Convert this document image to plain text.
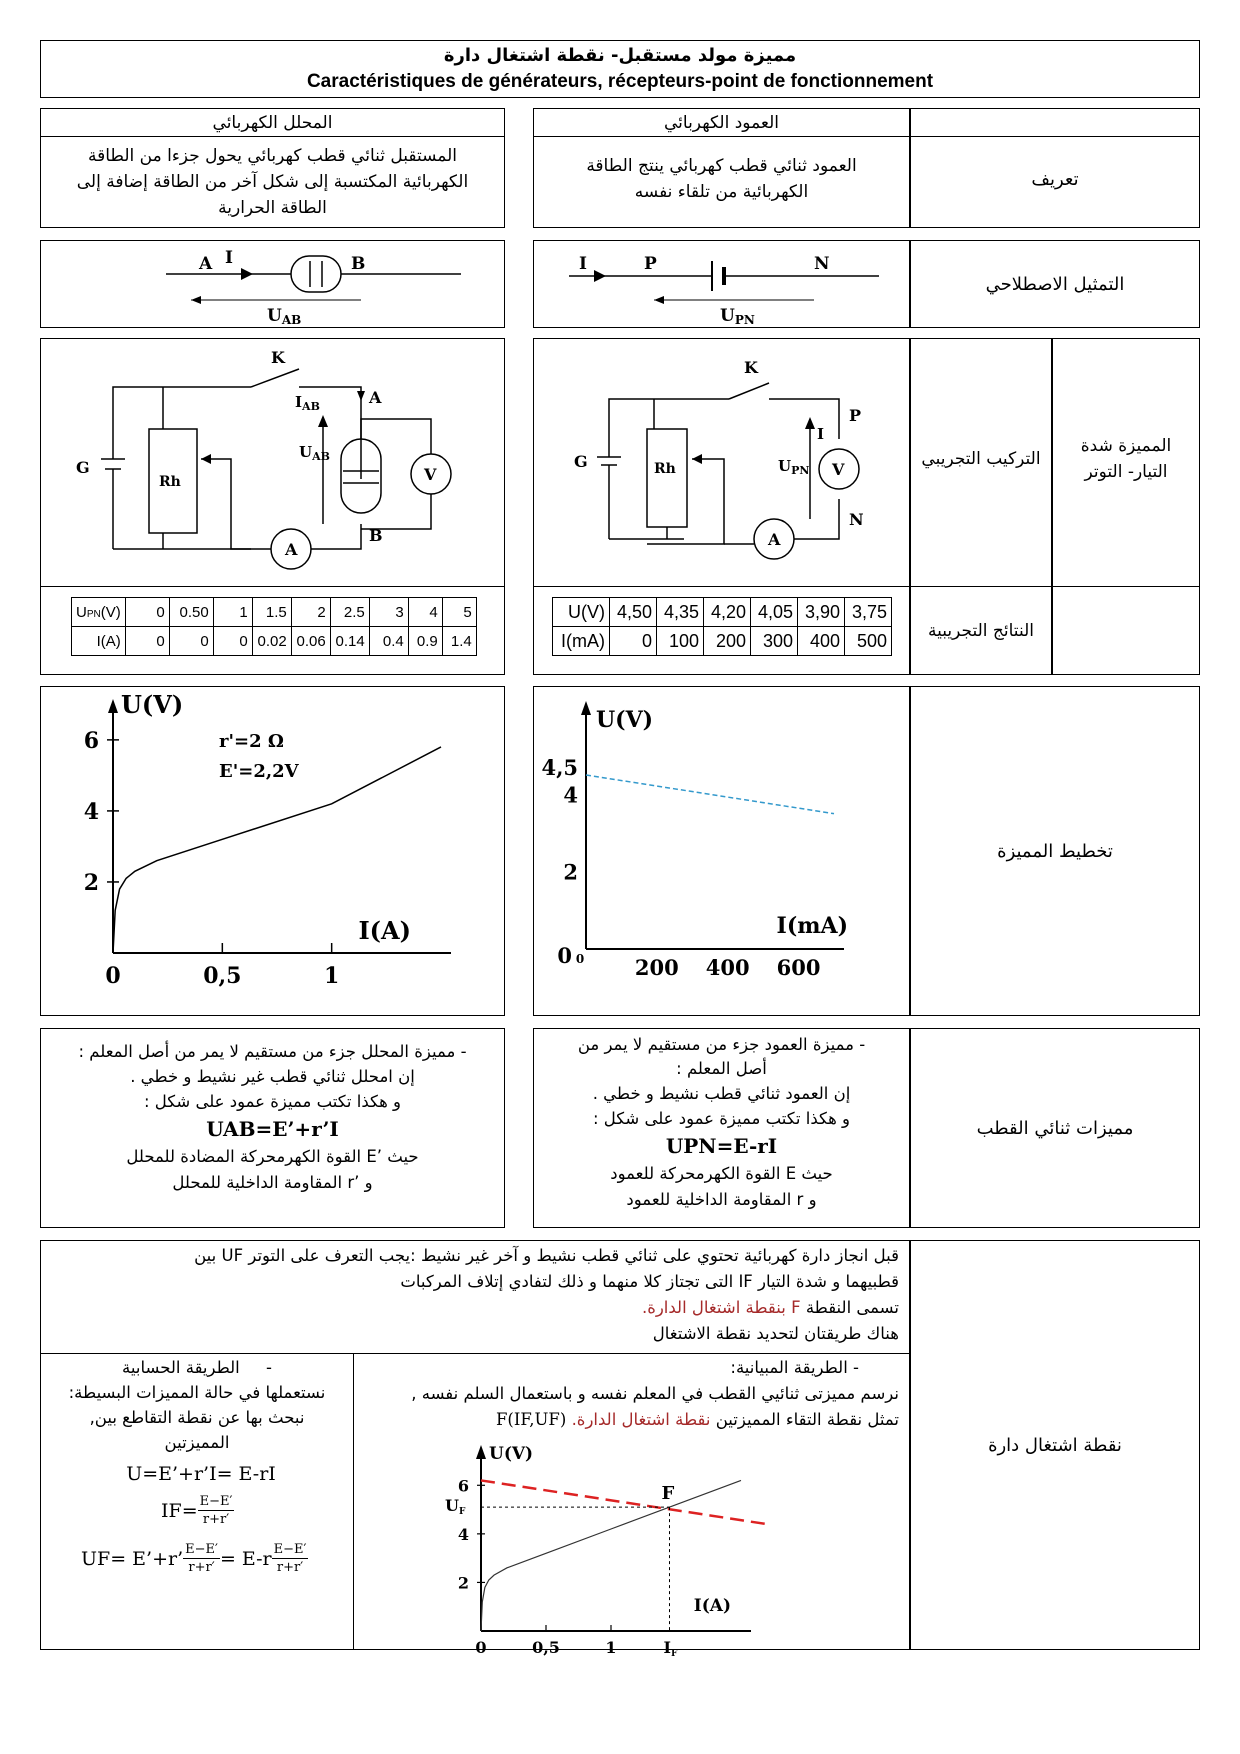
مميزة مولد مستقبل- نقطة اشتغال دارة
Caractéristiques de générateurs, récepteurs-point de fonctionnement
المحلل الكهربائي
المستقبل ثنائي قطب كهربائي يحول جزءا من الطاقة الكهربائية المكتسبة إلى شكل آخر من الطاقة إضافة إلى الطاقة الحرارية
العمود الكهربائي
العمود ثنائي قطب كهربائي ينتج الطاقة الكهربائية من تلقاء نفسه
تعريف
A I	B
UAB
I	P	N
UPN
التمثيل الاصطلاحي
K
G
Rh
$I_{AB}$
$U_{AB}$
A
B
V
A
UPN(V)	0	0.50	1	1.5	2	2.5	3	4	5
I(A)	0	0	0	0.02	0.06	0.14	0.4	0.9	1.4
K
G	Rh
I
$U_{PN}$
P
N
V
A
U(V)	4,50	4,35	4,20	4,05	3,90	3,75
I(mA)	0	100	200	300	400	500
التركيب التجريبي
النتائج التجريبية
المميزة شدة التيار- التوتر
U(V)
I(A)
0	0,5	1
2
4
6	r'=2 Ω
E'=2,2V
U(V)
I(mA)
0 200 400 600
2
4
4,5
0
تخطيط المميزة
- مميزة المحلل جزء من مستقيم لا يمر من أصل المعلم :
إن امحلل ثنائي قطب غير نشيط و خطي .
و هكذا تكتب مميزة عمود على شكل :
UAB=E’+r’I
حيث ’E القوة الكهرمحركة المضادة للمحلل
و ’r المقاومة الداخلية للمحلل
- مميزة العمود جزء من مستقيم لا يمر من
أصل المعلم :
إن العمود ثنائي قطب نشيط و خطي .
و هكذا تكتب مميزة عمود على شكل :
UPN=E-rI
حيث E القوة الكهرمحركة للعمود
و r المقاومة الداخلية للعمود
مميزات ثنائي القطب
قبل انجاز دارة كهربائية تحتوي على ثنائي قطب نشيط و آخر غير نشيط :يجب التعرف على التوتر UF بين
قطبيهما و شدة التيار IF التى تجتاز كلا منهما و ذلك لتفادي إتلاف المركبات
تسمى النقطة F بنقطة اشتغال الدارة.
هناك طريقتان لتحديد نقطة الاشتغال
- الطريقة المبيانية:
نرسم مميزتى ثنائيي القطب في المعلم نفسه و باستعمال السلم نفسه ,
تمثل نقطة التقاء المميزتين نقطة اشتغال الدارة. F(IF,UF)
U(V)
I(A)
0	0,5	1
2
4
6	F
UF
IF
-     الطريقة الحسابية
نستعملها في حالة المميزات البسيطة:
نبحث بها عن نقطة التقاطع بين,
المميزتين
U=E’+r’I= E-rI
$IF= \frac{E-E'}{r+r'}$
UF= E’+r’ $\frac{E-E'}{r+r'} = E-r \frac{E-E'}{r+r'}$
نقطة اشتغال دارة
